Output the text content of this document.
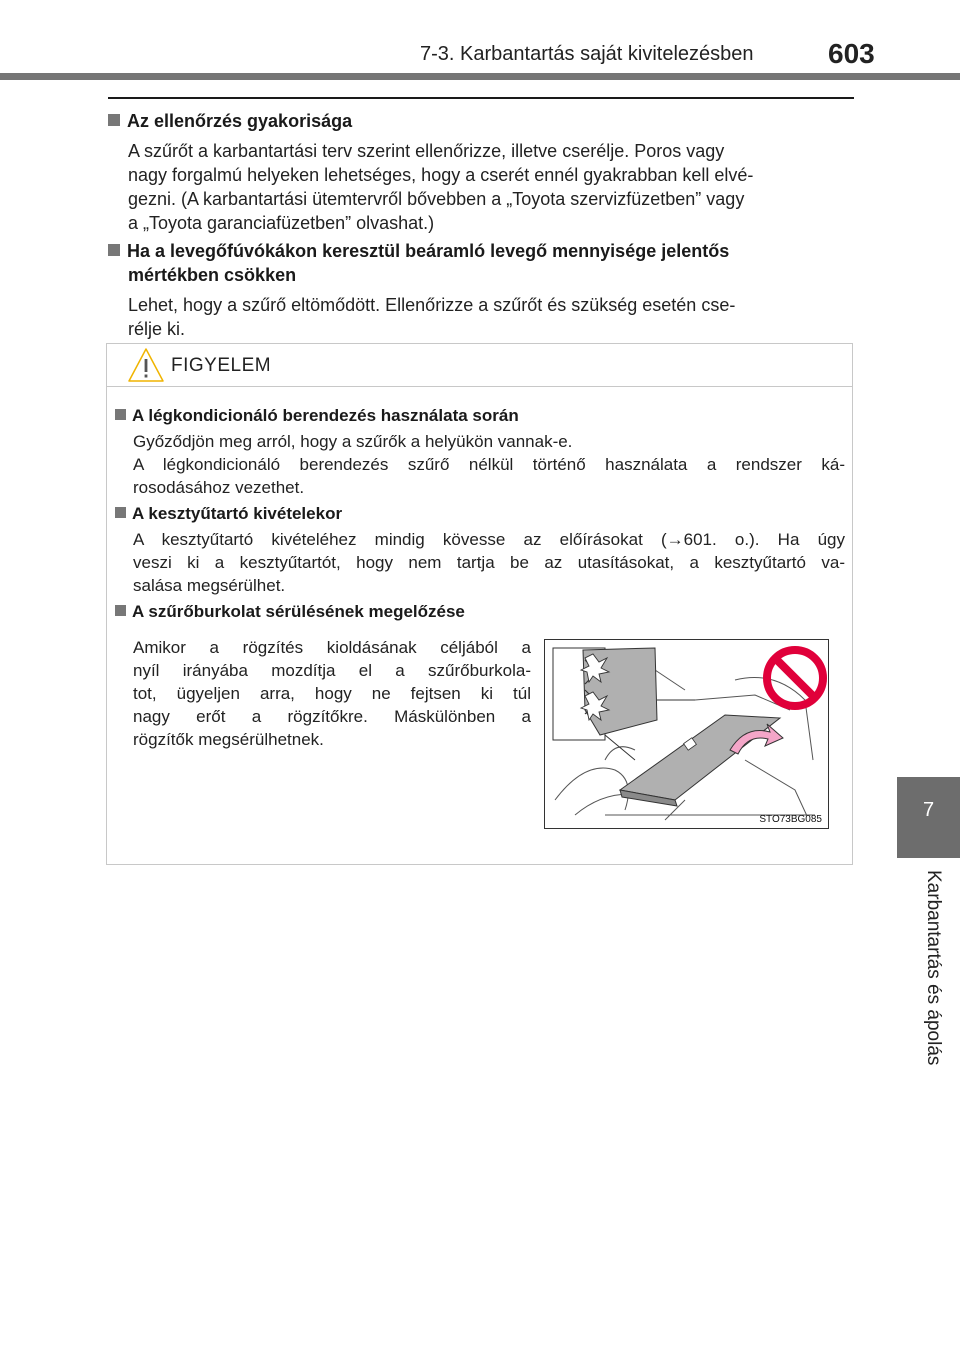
7-3. Karbantartás saját kivitelezésben	603
7
Karbantartás és ápolás
Az ellenőrzés gyakorisága
A szűrőt a karbantartási terv szerint ellenőrizze, illetve cserélje. Poros vagy
nagy forgalmú helyeken lehetséges, hogy a cserét ennél gyakrabban kell elvé-
gezni. (A karbantartási ütemtervről bővebben a „Toyota szervizfüzetben” vagy
a „Toyota garanciafüzetben” olvashat.)
Ha a levegőfúvókákon keresztül beáramló levegő mennyisége jelentős
mértékben csökken
Lehet, hogy a szűrő eltömődött. Ellenőrizze a szűrőt és szükség esetén cse-
rélje ki.
FIGYELEM
A légkondicionáló berendezés használata során
Győződjön meg arról, hogy a szűrők a helyükön vannak-e.
A légkondicionáló berendezés szűrő nélkül történő használata a rendszer ká-
rosodásához vezethet.
A kesztyűtartó kivételekor
A kesztyűtartó kivételéhez mindig kövesse az előírásokat (→601. o.). Ha úgy
veszi ki a kesztyűtartót, hogy nem tartja be az utasításokat, a kesztyűtartó va-
salása megsérülhet.
A szűrőburkolat sérülésének megelőzése
Amikor a rögzítés kioldásának céljából a
nyíl irányába mozdítja el a szűrőburkola-
tot, ügyeljen arra, hogy ne fejtsen ki túl
nagy erőt a rögzítőkre. Máskülönben a
rögzítők megsérülhetnek.
STO73BG085
